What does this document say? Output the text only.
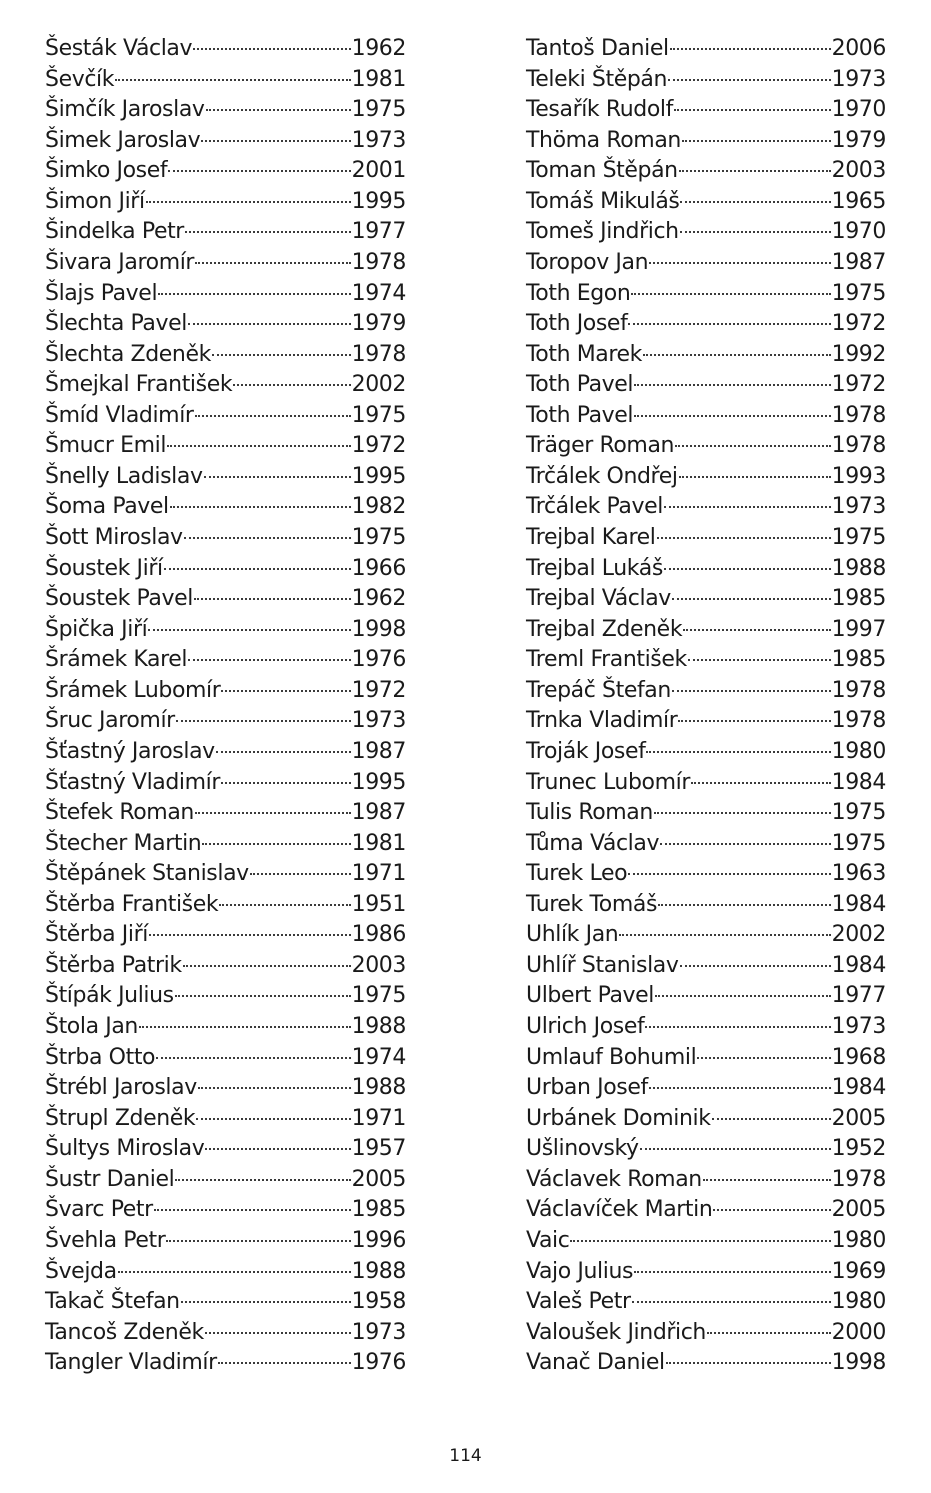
Šesták Václav	1962
Ševčík	1981
Šimčík Jaroslav	1975
Šimek Jaroslav	1973
Šimko Josef	2001
Šimon Jiří	1995
Šindelka Petr	1977
Šivara Jaromír	1978
Šlajs Pavel	1974
Šlechta Pavel	1979
Šlechta Zdeněk	1978
Šmejkal František	2002
Šmíd Vladimír	1975
Šmucr Emil	1972
Šnelly Ladislav	1995
Šoma Pavel	1982
Šott Miroslav	1975
Šoustek Jiří	1966
Šoustek Pavel	1962
Špička Jiří	1998
Šrámek Karel	1976
Šrámek Lubomír	1972
Šruc Jaromír	1973
Šťastný Jaroslav	1987
Šťastný Vladimír	1995
Štefek Roman	1987
Štecher Martin	1981
Štěpánek Stanislav	1971
Štěrba František	1951
Štěrba Jiří	1986
Štěrba Patrik	2003
Štípák Julius	1975
Štola Jan	1988
Štrba Otto	1974
Štrébl Jaroslav	1988
Štrupl Zdeněk	1971
Šultys Miroslav	1957
Šustr Daniel	2005
Švarc Petr	1985
Švehla Petr	1996
Švejda	1988
Takač Štefan	1958
Tancoš Zdeněk	1973
Tangler Vladimír	1976
Tantoš Daniel	2006
Teleki Štěpán	1973
Tesařík Rudolf	1970
Thöma Roman	1979
Toman Štěpán	2003
Tomáš Mikuláš	1965
Tomeš Jindřich	1970
Toropov Jan	1987
Toth Egon	1975
Toth Josef	1972
Toth Marek	1992
Toth Pavel	1972
Toth Pavel	1978
Träger Roman	1978
Trčálek Ondřej	1993
Trčálek Pavel	1973
Trejbal Karel	1975
Trejbal Lukáš	1988
Trejbal Václav	1985
Trejbal Zdeněk	1997
Treml František	1985
Trepáč Štefan	1978
Trnka Vladimír	1978
Troják Josef	1980
Trunec Lubomír	1984
Tulis Roman	1975
Tůma Václav	1975
Turek Leo	1963
Turek Tomáš	1984
Uhlík Jan	2002
Uhlíř Stanislav	1984
Ulbert Pavel	1977
Ulrich Josef	1973
Umlauf Bohumil	1968
Urban Josef	1984
Urbánek Dominik	2005
Ušlinovský	1952
Václavek Roman	1978
Václavíček Martin	2005
Vaic	1980
Vajo Julius	1969
Valeš Petr	1980
Valoušek Jindřich	2000
Vanač Daniel	1998
114
